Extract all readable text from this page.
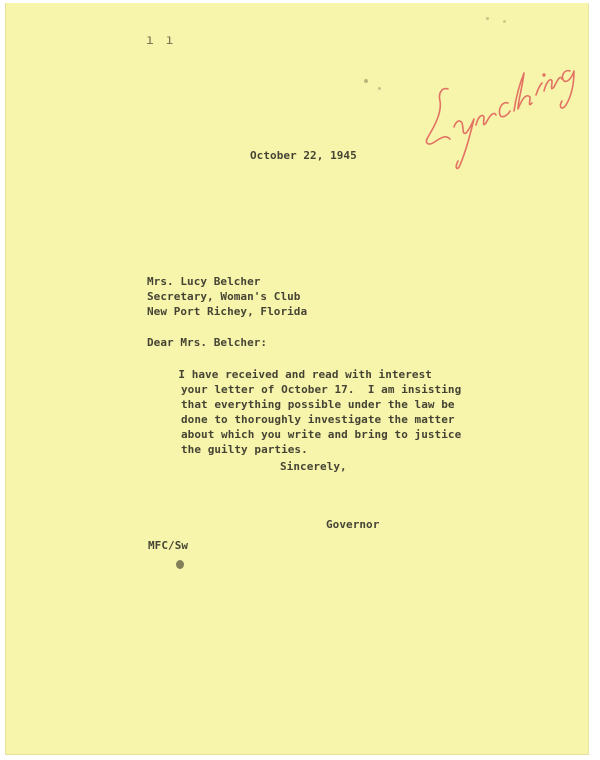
ı ı
October 22, 1945
Mrs. Lucy Belcher
Secretary, Woman's Club
New Port Richey, Florida
Dear Mrs. Belcher:
I have received and read with interest
your letter of October 17.  I am insisting
that everything possible under the law be
done to thoroughly investigate the matter
about which you write and bring to justice
the guilty parties.
Sincerely,
Governor
MFC/Sw
